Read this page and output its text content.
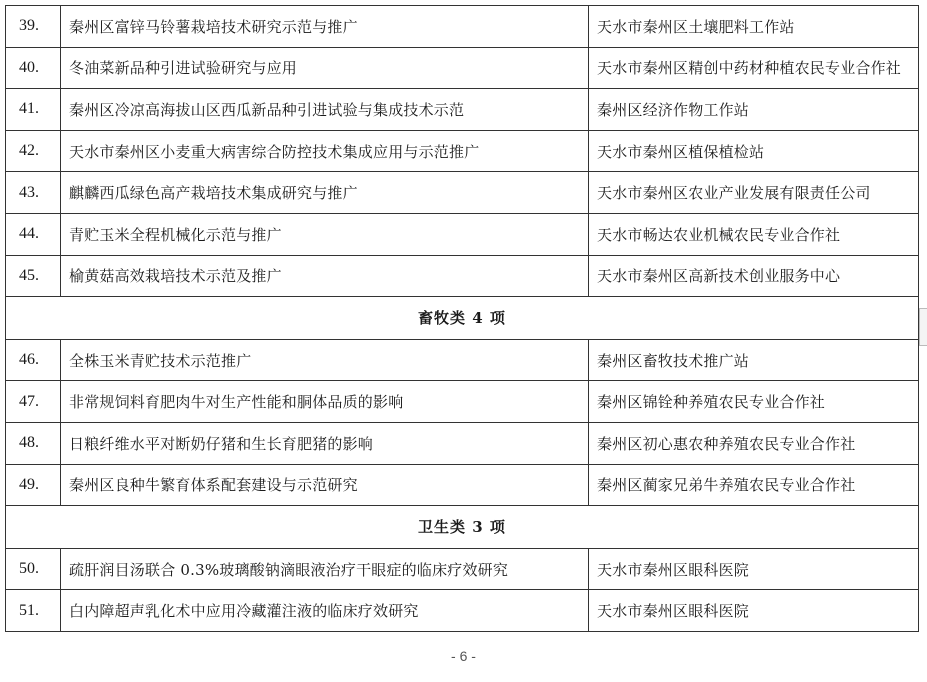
39.	秦州区富锌马铃薯栽培技术研究示范与推广	天水市秦州区土壤肥料工作站
40.	冬油菜新品种引进试验研究与应用	天水市秦州区精创中药材种植农民专业合作社
41.	秦州区冷凉高海拔山区西瓜新品种引进试验与集成技术示范	秦州区经济作物工作站
42.	天水市秦州区小麦重大病害综合防控技术集成应用与示范推广	天水市秦州区植保植检站
43.	麒麟西瓜绿色高产栽培技术集成研究与推广	天水市秦州区农业产业发展有限责任公司
44.	青贮玉米全程机械化示范与推广	天水市畅达农业机械农民专业合作社
45.	榆黄菇高效栽培技术示范及推广	天水市秦州区高新技术创业服务中心
畜牧类 4 项		
46.	全株玉米青贮技术示范推广	秦州区畜牧技术推广站
47.	非常规饲料育肥肉牛对生产性能和胴体品质的影响	秦州区锦铨种养殖农民专业合作社
48.	日粮纤维水平对断奶仔猪和生长育肥猪的影响	秦州区初心惠农种养殖农民专业合作社
49.	秦州区良种牛繁育体系配套建设与示范研究	秦州区蔺家兄弟牛养殖农民专业合作社
卫生类 3 项		
50.	疏肝润目汤联合 0.3%玻璃酸钠滴眼液治疗干眼症的临床疗效研究	天水市秦州区眼科医院
51.	白内障超声乳化术中应用冷藏灌注液的临床疗效研究	天水市秦州区眼科医院
- 6 -
